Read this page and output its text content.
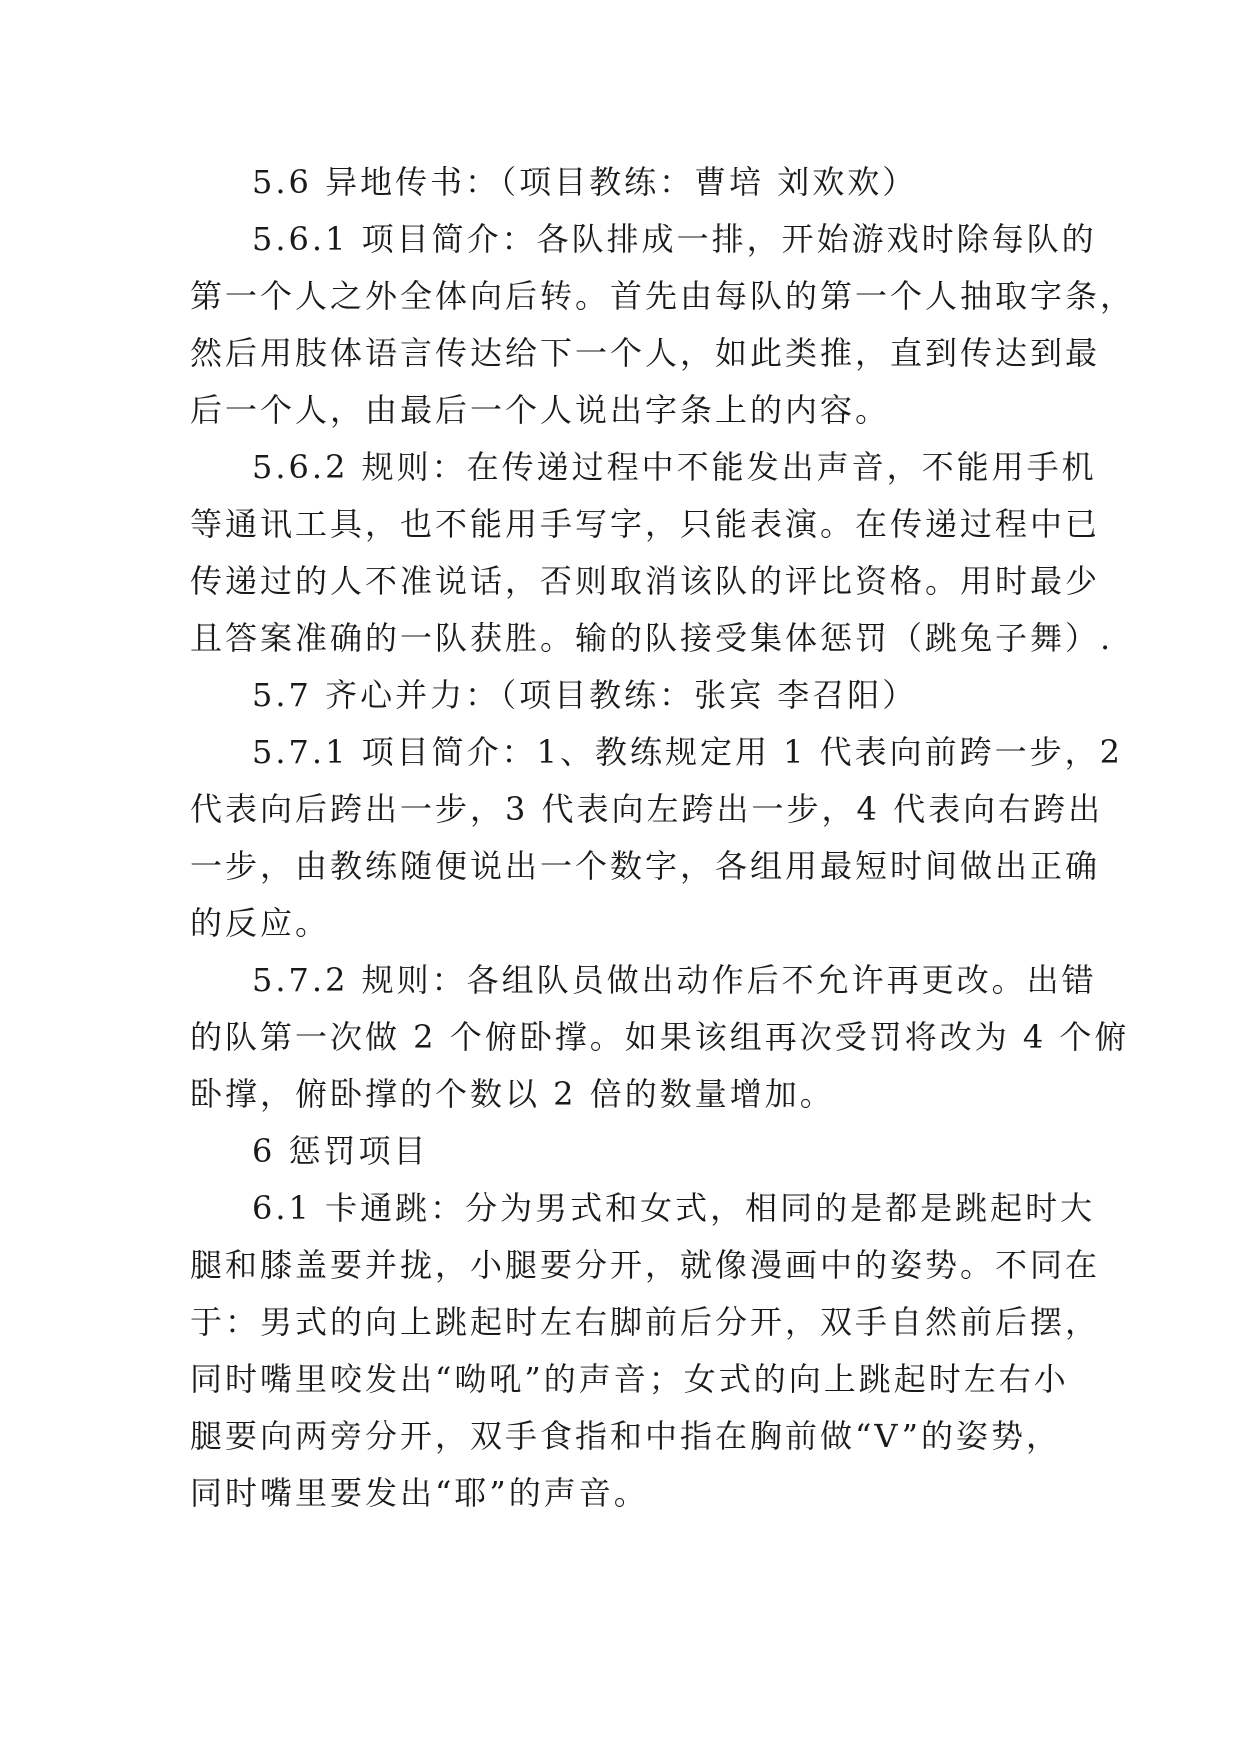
5.6 异地传书：（项目教练：曹培 刘欢欢）
5.6.1 项目简介：各队排成一排，开始游戏时除每队的
第一个人之外全体向后转。首先由每队的第一个人抽取字条，
然后用肢体语言传达给下一个人，如此类推，直到传达到最
后一个人，由最后一个人说出字条上的内容。
5.6.2 规则：在传递过程中不能发出声音，不能用手机
等通讯工具，也不能用手写字，只能表演。在传递过程中已
传递过的人不准说话，否则取消该队的评比资格。用时最少
且答案准确的一队获胜。输的队接受集体惩罚（跳兔子舞）.
5.7 齐心并力：（项目教练：张宾 李召阳）
5.7.1 项目简介：1、教练规定用 1 代表向前跨一步，2
代表向后跨出一步，3 代表向左跨出一步，4 代表向右跨出
一步，由教练随便说出一个数字，各组用最短时间做出正确
的反应。
5.7.2 规则：各组队员做出动作后不允许再更改。出错
的队第一次做 2 个俯卧撑。如果该组再次受罚将改为 4 个俯
卧撑，俯卧撑的个数以 2 倍的数量增加。
6 惩罚项目
6.1 卡通跳：分为男式和女式，相同的是都是跳起时大
腿和膝盖要并拢，小腿要分开，就像漫画中的姿势。不同在
于：男式的向上跳起时左右脚前后分开，双手自然前后摆，
同时嘴里咬发出“呦吼”的声音；女式的向上跳起时左右小
腿要向两旁分开，双手食指和中指在胸前做“V”的姿势，
同时嘴里要发出“耶”的声音。
